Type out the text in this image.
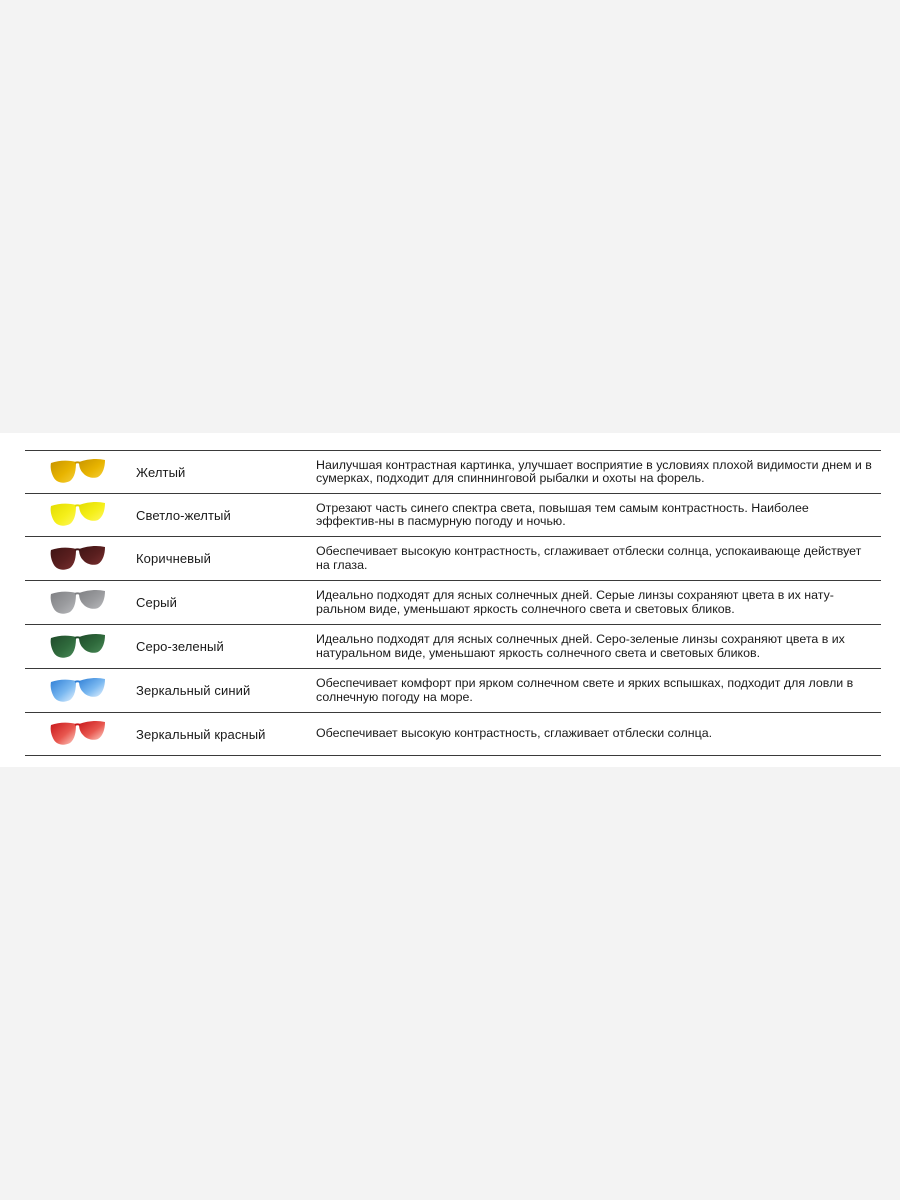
Желтый	Наилучшая контрастная картинка, улучшает восприятие в условиях плохой видимости днем и в сумерках, подходит для спиннинговой рыбалки и охоты на форель.
Светло-желтый	Отрезают часть синего спектра света, повышая тем самым контрастность. Наиболее эффектив-ны в пасмурную погоду и ночью.
Коричневый	Обеспечивает высокую контрастность, сглаживает отблески солнца, успокаивающе действует на глаза.
Серый	Идеально подходят для ясных солнечных дней. Серые линзы сохраняют цвета в их нату-ральном виде, уменьшают яркость солнечного света и световых бликов.
Серо-зеленый	Идеально подходят для ясных солнечных дней. Серо-зеленые линзы сохраняют цвета в их натуральном виде, уменьшают яркость солнечного света и световых бликов.
Зеркальный синий	Обеспечивает комфорт при ярком солнечном свете и ярких вспышках, подходит для ловли в солнечную погоду на море.
Зеркальный красный	Обеспечивает высокую контрастность, сглаживает отблески солнца.
